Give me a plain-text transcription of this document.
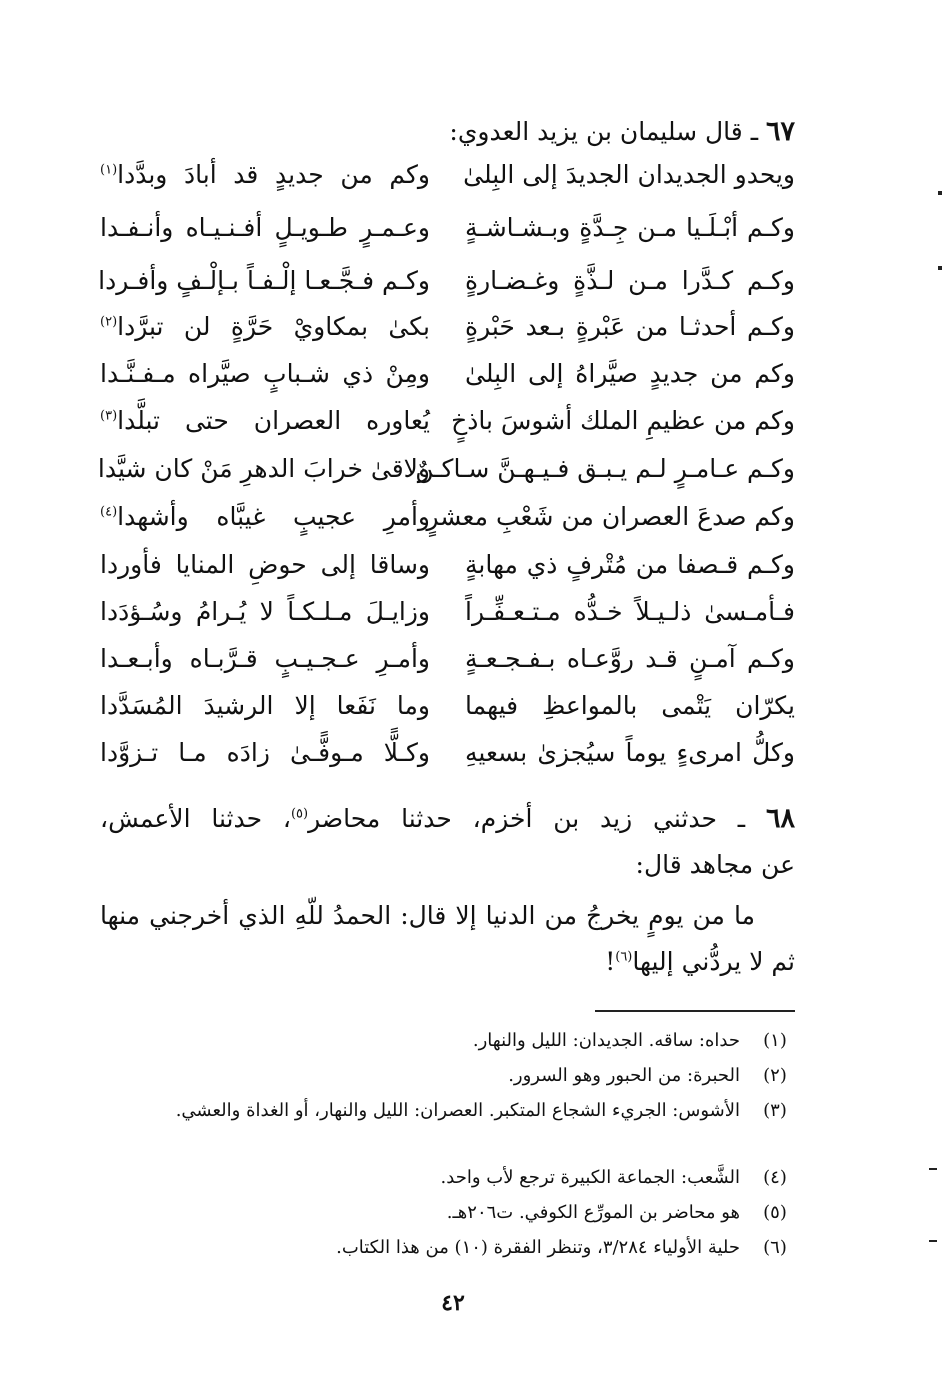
٦٧ ـ قال سليمان بن يزيد العدوي:
ويحدو الجديدان الجديدَ إلى البِلىٰ
وكم من جديدٍ قد أبادَ وبدَّدا$^{(١)}$
وكـم أبْـلَـيا مـن جِـدَّةٍ وبـشـاشـةٍ
وعـمـرٍ طـويـلٍ أفـنـيـاه وأنـفـدا
وكـم كـدَّرا مـن لـذَّةٍ وغـضـارةٍ
وكـم فـجَّـعـا إلْـفـاً بـإلْـفٍ وأفـردا
وكـم أحدثـا من عَبْرةٍ بـعد حَبْرةٍ
بكىٰ بمكاويْ حَرَّةٍ لن تبرَّدا$^{(٢)}$
وكم من جديدٍ صيَّراهُ إلى البِلىٰ
ومِنْ ذي شـبابٍ صيَّراه مـفـنَّـدا
وكم من عظيمِ الملك أشوسَ باذخٍ
يُعاوره العصران حتى تبلَّدا$^{(٣)}$
وكـم عـامـرٍ لـم يـبـق فـيـهـنَّ سـاكـنٌ
ولاقىٰ خرابَ الدهرِ مَنْ كان شيَّدا
وكم صدعَ العصران من شَعْبِ معشرٍ
وأمرِ عجيبٍ غيبَّاه وأشهدا$^{(٤)}$
وكـم قـصفا من مُتْرفٍ ذي مهابةٍ
وساقا إلى حوضِ المنايا فأوردا
فـأمـسىٰ ذلـيـلاً خـدُّه مـتـعـفِّـراً
وزايـلَ مـلـكـاً لا يُـرامُ وسُـؤدَدا
وكـم آمـنٍ قـد روَّعـاه بـفـجـعـةٍ
وأمـرِ عـجـيـبٍ قـرَّبـاه وأبـعـدا
يكرّان يَتْمى بالمواعظِ فيهما
وما نَفَعا إلا الرشيدَ المُسَدَّدا
وكلُّ امرىءٍ يوماً سيُجزىٰ بسعيهِ
وكـلًّا مـوفًّـىٰ زادَه مـا تـزوَّدا
٦٨ ـ حدثني زيد بن أخزم، حدثنا محاضر$^{(٥)}$، حدثنا الأعمش،
عن مجاهد قال:
ما من يومٍ يخرجُ من الدنيا إلا قال: الحمدُ للّهِ الذي أخرجني منها ثم لا يردُّني إليها$^{(٦)}$!
(١)
حداه: ساقه. الجديدان: الليل والنهار.
(٢)
الحبرة: من الحبور وهو السرور.
(٣)
الأشوس: الجريء الشجاع المتكبر. العصران: الليل والنهار، أو الغداة والعشي.
(٤)
الشَّعب: الجماعة الكبيرة ترجع لأب واحد.
(٥)
هو محاضر بن المورِّع الكوفي. ت٢٠٦هـ.
(٦)
حلية الأولياء ٣/٢٨٤، وتنظر الفقرة (١٠) من هذا الكتاب.
٤٢
